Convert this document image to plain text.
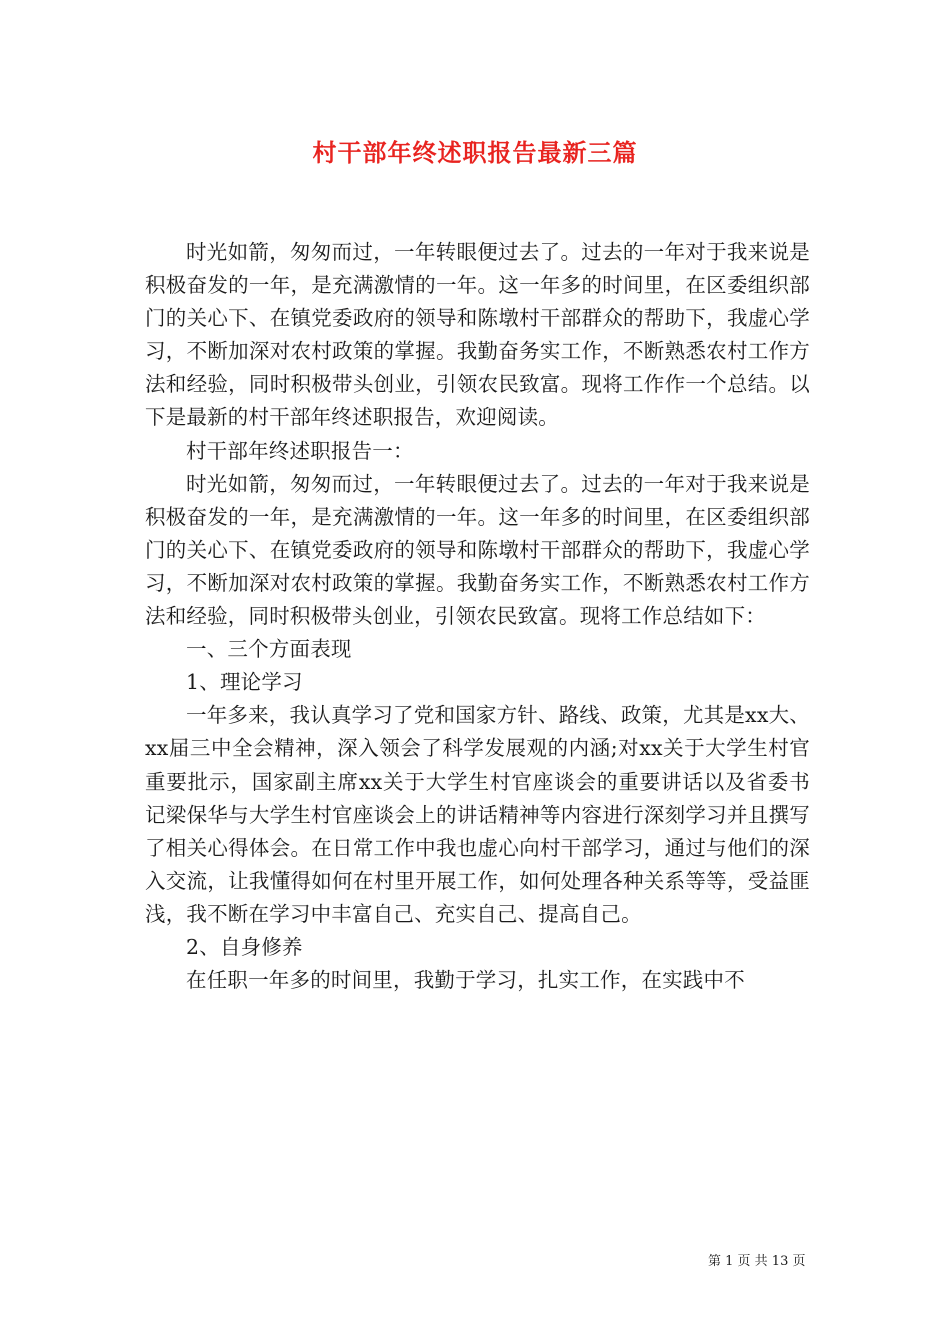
村干部年终述职报告最新三篇

时光如箭，匆匆而过，一年转眼便过去了。过去的一年对于我来说是积极奋发的一年，是充满激情的一年。这一年多的时间里，在区委组织部门的关心下、在镇党委政府的领导和陈墩村干部群众的帮助下，我虚心学习，不断加深对农村政策的掌握。我勤奋务实工作，不断熟悉农村工作方法和经验，同时积极带头创业，引领农民致富。现将工作作一个总结。以下是最新的村干部年终述职报告，欢迎阅读。

村干部年终述职报告一：

时光如箭，匆匆而过，一年转眼便过去了。过去的一年对于我来说是积极奋发的一年，是充满激情的一年。这一年多的时间里，在区委组织部门的关心下、在镇党委政府的领导和陈墩村干部群众的帮助下，我虚心学习，不断加深对农村政策的掌握。我勤奋务实工作，不断熟悉农村工作方法和经验，同时积极带头创业，引领农民致富。现将工作总结如下：

一、三个方面表现

1、理论学习

一年多来，我认真学习了党和国家方针、路线、政策，尤其是xx大、xx届三中全会精神，深入领会了科学发展观的内涵;对xx关于大学生村官重要批示，国家副主席xx关于大学生村官座谈会的重要讲话以及省委书记梁保华与大学生村官座谈会上的讲话精神等内容进行深刻学习并且撰写了相关心得体会。在日常工作中我也虚心向村干部学习，通过与他们的深入交流，让我懂得如何在村里开展工作，如何处理各种关系等等，受益匪浅，我不断在学习中丰富自己、充实自己、提高自己。

2、自身修养

在任职一年多的时间里，我勤于学习，扎实工作，在实践中不

第 1 页 共 13 页
